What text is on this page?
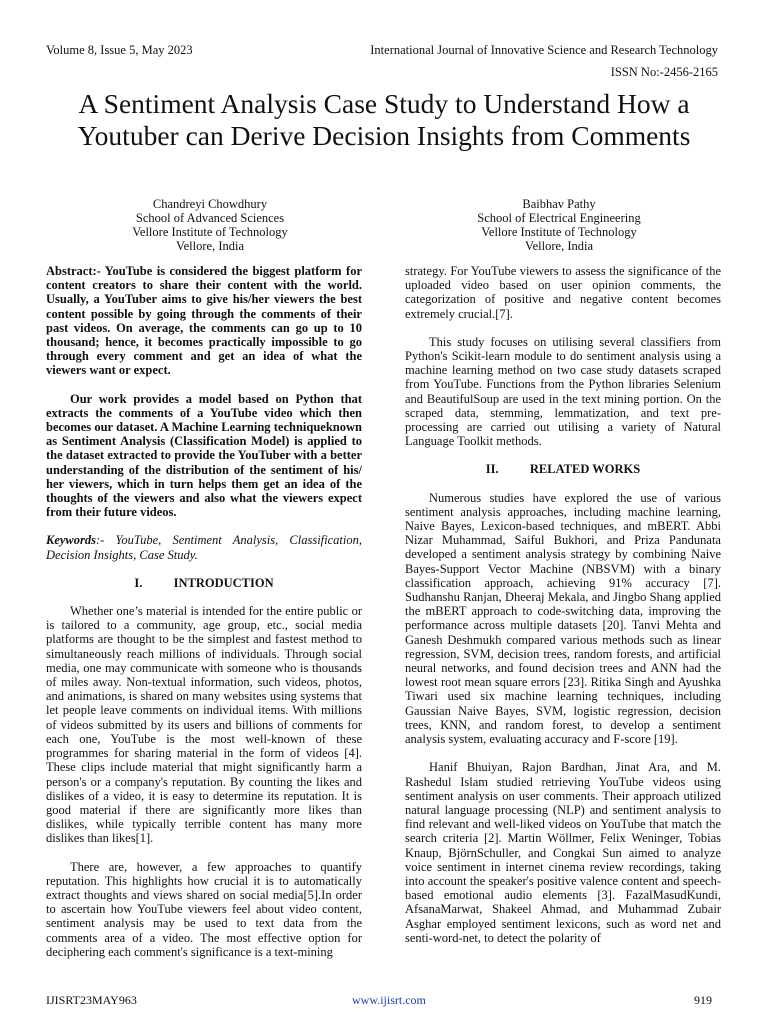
Volume 8, Issue 5, May 2023	International Journal of Innovative Science and Research Technology
ISSN No:-2456-2165
A Sentiment Analysis Case Study to Understand How a Youtuber can Derive Decision Insights from Comments
Chandreyi Chowdhury
School of Advanced Sciences
Vellore Institute of Technology
Vellore, India
Baibhav Pathy
School of Electrical Engineering
Vellore Institute of Technology
Vellore, India

Abstract:- YouTube is considered the biggest platform for content creators to share their content with the world. Usually, a YouTuber aims to give his/her viewers the best content possible by going through the comments of their past videos. On average, the comments can go up to 10 thousand; hence, it becomes practically impossible to go through every comment and get an idea of what the viewers want or expect.

Our work provides a model based on Python that extracts the comments of a YouTube video which then becomes our dataset. A Machine Learning techniqueknown as Sentiment Analysis (Classification Model) is applied to the dataset extracted to provide the YouTuber with a better understanding of the distribution of the sentiment of his/ her viewers, which in turn helps them get an idea of the thoughts of the viewers and also what the viewers expect from their future videos.

Keywords:- YouTube, Sentiment Analysis, Classification, Decision Insights, Case Study.

I.          INTRODUCTION

Whether one’s material is intended for the entire public or is tailored to a community, age group, etc., social media platforms are thought to be the simplest and fastest method to simultaneously reach millions of individuals. Through social media, one may communicate with someone who is thousands of miles away. Non-textual information, such videos, photos, and animations, is shared on many websites using systems that let people leave comments on individual items. With millions of videos submitted by its users and billions of comments for each one, YouTube is the most well-known of these programmes for sharing material in the form of videos [4]. These clips include material that might significantly harm a person's or a company's reputation. By counting the likes and dislikes of a video, it is easy to determine its reputation. It is good material if there are significantly more likes than dislikes, while typically terrible content has many more dislikes than likes[1].

There are, however, a few approaches to quantify reputation. This highlights how crucial it is to automatically extract thoughts and views shared on social media[5].In order to ascertain how YouTube viewers feel about video content, sentiment analysis may be used to text data from the comments area of a video. The most effective option for deciphering each comment's significance is a text-mining

strategy. For YouTube viewers to assess the significance of the uploaded video based on user opinion comments, the categorization of positive and negative content becomes extremely crucial.[7].

This study focuses on utilising several classifiers from Python's Scikit-learn module to do sentiment analysis using a machine learning method on two case study datasets scraped from YouTube. Functions from the Python libraries Selenium and BeautifulSoup are used in the text mining portion. On the scraped data, stemming, lemmatization, and text pre-processing are carried out utilising a variety of Natural Language Toolkit methods.

II.          RELATED WORKS

Numerous studies have explored the use of various sentiment analysis approaches, including machine learning, Naive Bayes, Lexicon-based techniques, and mBERT. Abbi Nizar Muhammad, Saiful Bukhori, and Priza Pandunata developed a sentiment analysis strategy by combining Naive Bayes-Support Vector Machine (NBSVM) with a binary classification approach, achieving 91% accuracy [7]. Sudhanshu Ranjan, Dheeraj Mekala, and Jingbo Shang applied the mBERT approach to code-switching data, improving the performance across multiple datasets [20]. Tanvi Mehta and Ganesh Deshmukh compared various methods such as linear regression, SVM, decision trees, random forests, and artificial neural networks, and found decision trees and ANN had the lowest root mean square errors [23]. Ritika Singh and Ayushka Tiwari used six machine learning techniques, including Gaussian Naive Bayes, SVM, logistic regression, decision trees, KNN, and random forest, to develop a sentiment analysis system, evaluating accuracy and F-score [19].

Hanif Bhuiyan, Rajon Bardhan, Jinat Ara, and M. Rashedul Islam studied retrieving YouTube videos using sentiment analysis on user comments. Their approach utilized natural language processing (NLP) and sentiment analysis to find relevant and well-liked videos on YouTube that match the search criteria [2]. Martin Wöllmer, Felix Weninger, Tobias Knaup, BjörnSchuller, and Congkai Sun aimed to analyze voice sentiment in internet cinema review recordings, taking into account the speaker's positive valence content and speech-based emotional audio elements [3]. FazalMasudKundi, AfsanaMarwat, Shakeel Ahmad, and Muhammad Zubair Asghar employed sentiment lexicons, such as word net and senti-word-net, to detect the polarity of

IJISRT23MAY963	www.ijisrt.com	919
